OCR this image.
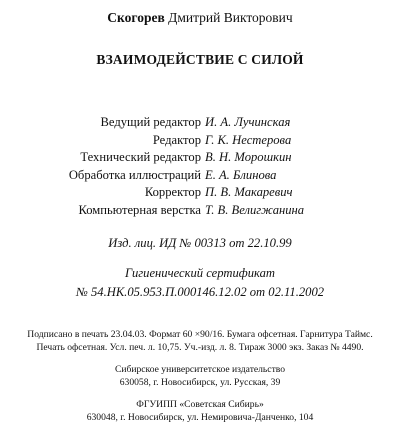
Скогорев Дмитрий Викторович
ВЗАИМОДЕЙСТВИЕ С СИЛОЙ
Ведущий редактор И. А. Лучинская
Редактор Г. К. Нестерова
Технический редактор В. Н. Морошкин
Обработка иллюстраций Е. А. Блинова
Корректор П. В. Макаревич
Компьютерная верстка Т. В. Велигжанина
Изд. лиц. ИД № 00313 от 22.10.99
Гигиенический сертификат
№ 54.НК.05.953.П.000146.12.02 от 02.11.2002
Подписано в печать 23.04.03. Формат 60 ×90/16. Бумага офсетная. Гарнитура Таймс.
Печать офсетная. Усл. печ. л. 10,75. Уч.-изд. л. 8. Тираж 3000 экз. Заказ № 4490.
Сибирское университетское издательство
630058, г. Новосибирск, ул. Русская, 39
ФГУИПП «Советская Сибирь»
630048, г. Новосибирск, ул. Немировича-Данченко, 104
